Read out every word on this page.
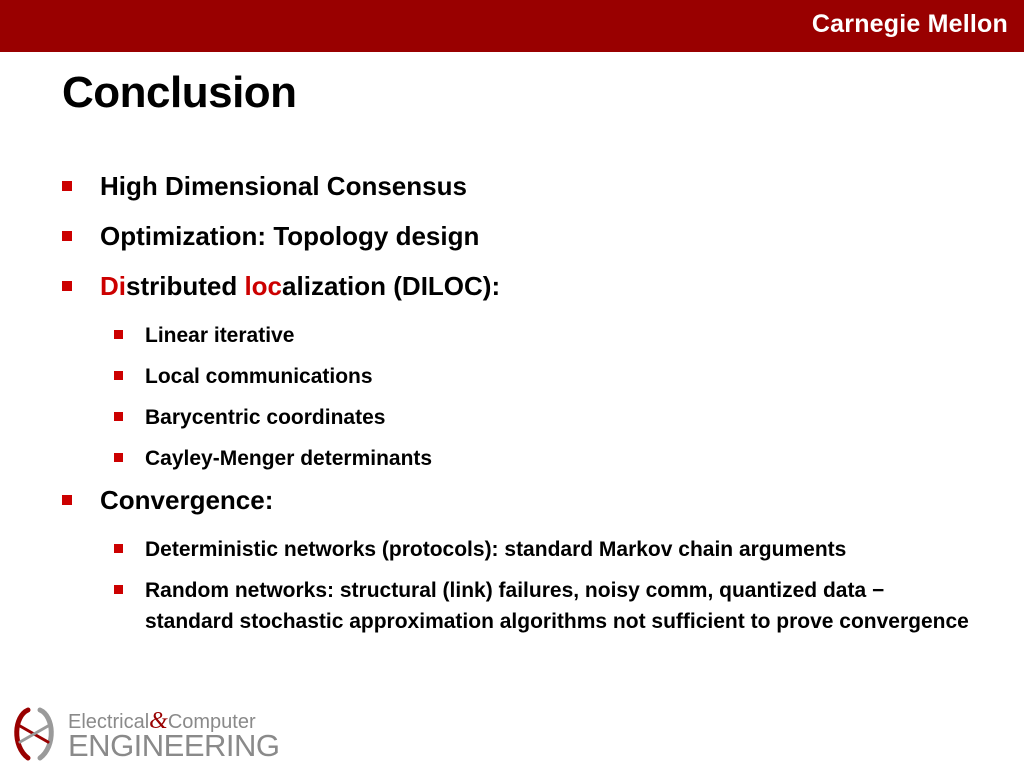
Carnegie Mellon
Conclusion
High Dimensional Consensus
Optimization: Topology design
Distributed localization (DILOC):
Linear iterative
Local communications
Barycentric coordinates
Cayley-Menger determinants
Convergence:
Deterministic networks (protocols): standard Markov chain arguments
Random networks: structural (link) failures, noisy comm, quantized data − standard stochastic approximation algorithms not sufficient to prove convergence
Electrical&Computer
ENGINEERING
